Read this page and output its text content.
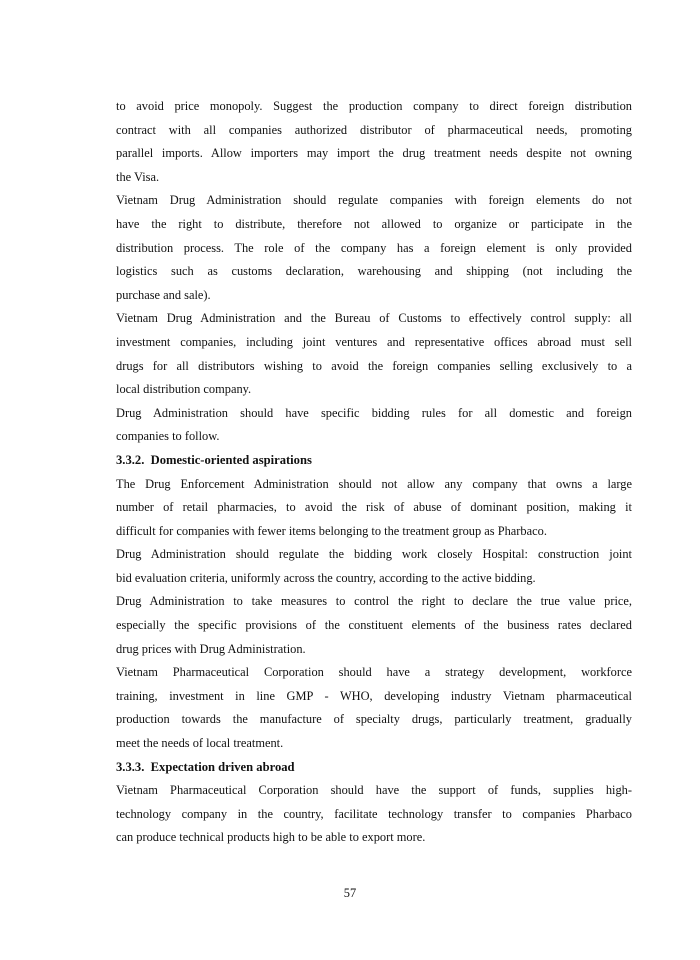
to avoid price monopoly. Suggest the production company to direct foreign distribution
contract with all companies authorized distributor of pharmaceutical needs, promoting
parallel imports. Allow importers may import the drug treatment needs despite not owning
the Visa.
Vietnam Drug Administration should regulate companies with foreign elements do not
have the right to distribute, therefore not allowed to organize or participate in the
distribution process. The role of the company has a foreign element is only provided
logistics such as customs declaration, warehousing and shipping (not including the
purchase and sale).
Vietnam Drug Administration and the Bureau of Customs to effectively control supply: all
investment companies, including joint ventures and representative offices abroad must sell
drugs for all distributors wishing to avoid the foreign companies selling exclusively to a
local distribution company.
Drug Administration should have specific bidding rules for all domestic and foreign
companies to follow.
3.3.2. Domestic-oriented aspirations
The Drug Enforcement Administration should not allow any company that owns a large
number of retail pharmacies, to avoid the risk of abuse of dominant position, making it
difficult for companies with fewer items belonging to the treatment group as Pharbaco.
Drug Administration should regulate the bidding work closely Hospital: construction joint
bid evaluation criteria, uniformly across the country, according to the active bidding.
Drug Administration to take measures to control the right to declare the true value price,
especially the specific provisions of the constituent elements of the business rates declared
drug prices with Drug Administration.
Vietnam Pharmaceutical Corporation should have a strategy development, workforce
training, investment in line GMP - WHO, developing industry Vietnam pharmaceutical
production towards the manufacture of specialty drugs, particularly treatment, gradually
meet the needs of local treatment.
3.3.3. Expectation driven abroad
Vietnam Pharmaceutical Corporation should have the support of funds, supplies high-
technology company in the country, facilitate technology transfer to companies Pharbaco
can produce technical products high to be able to export more.
57
